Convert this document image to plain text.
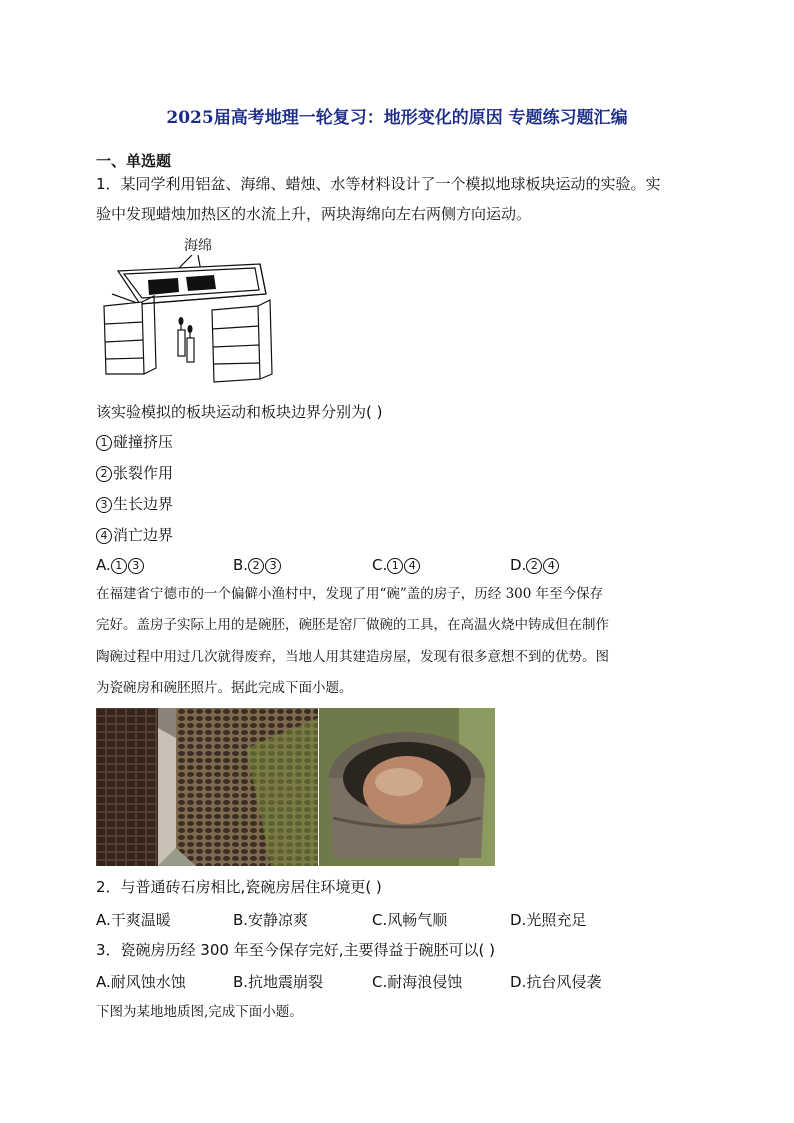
2025届高考地理一轮复习：地形变化的原因 专题练习题汇编
一、单选题
1．某同学利用铝盆、海绵、蜡烛、水等材料设计了一个模拟地球板块运动的实验。实
验中发现蜡烛加热区的水流上升，两块海绵向左右两侧方向运动。
海绵
该实验模拟的板块运动和板块边界分别为( )
1 碰撞挤压
2 张裂作用
3 生长边界
4 消亡边界
A. 1 3	B. 2 3	C. 1 4	D. 2 4
在福建省宁德市的一个偏僻小渔村中，发现了用“碗”盖的房子，历经 300 年至今保存
完好。盖房子实际上用的是碗胚，碗胚是窑厂做碗的工具，在高温火烧中铸成但在制作
陶碗过程中用过几次就得废弃，当地人用其建造房屋，发现有很多意想不到的优势。图
为瓷碗房和碗胚照片。据此完成下面小题。
2．与普通砖石房相比,瓷碗房居住环境更( )
A.干爽温暖	B.安静凉爽	C.风畅气顺	D.光照充足
3．瓷碗房历经 300 年至今保存完好,主要得益于碗胚可以( )
A.耐风蚀水蚀	B.抗地震崩裂	C.耐海浪侵蚀	D.抗台风侵袭
下图为某地地质图,完成下面小题。
